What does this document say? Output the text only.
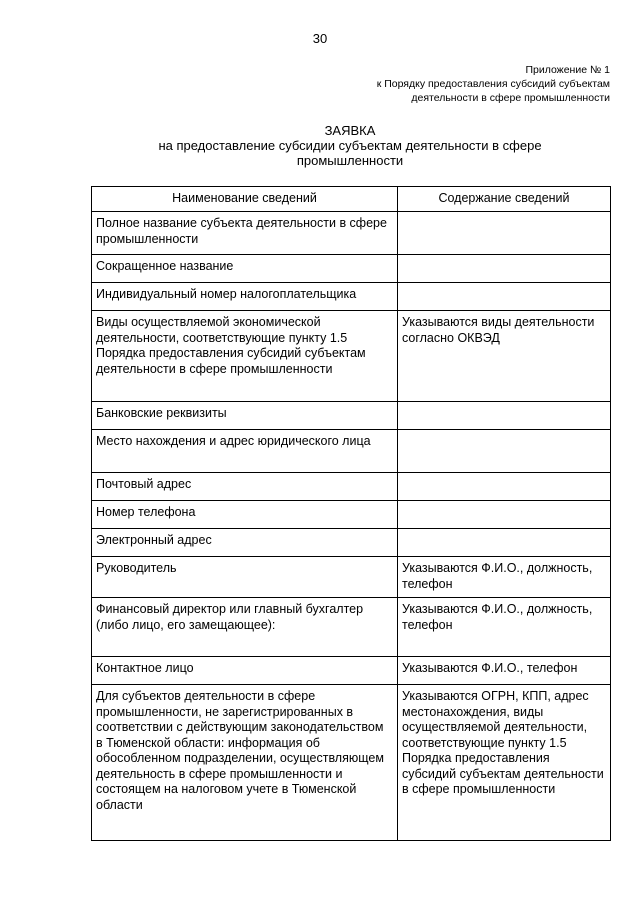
30
Приложение № 1
к Порядку предоставления субсидий субъектам
деятельности в сфере промышленности
ЗАЯВКА
на предоставление субсидии субъектам деятельности в сфере промышленности
Наименование сведений	Содержание сведений
Полное название субъекта деятельности в сфере промышленности	
Сокращенное название	
Индивидуальный номер налогоплательщика	
Виды осуществляемой экономической деятельности, соответствующие пункту 1.5 Порядка предоставления субсидий субъектам деятельности в сфере промышленности	Указываются виды деятельности согласно ОКВЭД
Банковские реквизиты	
Место нахождения и адрес юридического лица	
Почтовый адрес	
Номер телефона	
Электронный адрес	
Руководитель	Указываются Ф.И.О., должность, телефон
Финансовый директор или главный бухгалтер
(либо лицо, его замещающее):	Указываются Ф.И.О., должность, телефон
Контактное лицо	Указываются Ф.И.О., телефон
Для субъектов деятельности в сфере промышленности, не зарегистрированных в соответствии с действующим законодательством в Тюменской области: информация об обособленном подразделении, осуществляющем деятельность в сфере промышленности и состоящем на налоговом учете в Тюменской области	Указываются ОГРН, КПП, адрес местонахождения, виды осуществляемой деятельности, соответствующие пункту 1.5 Порядка предоставления субсидий субъектам деятельности в сфере промышленности
